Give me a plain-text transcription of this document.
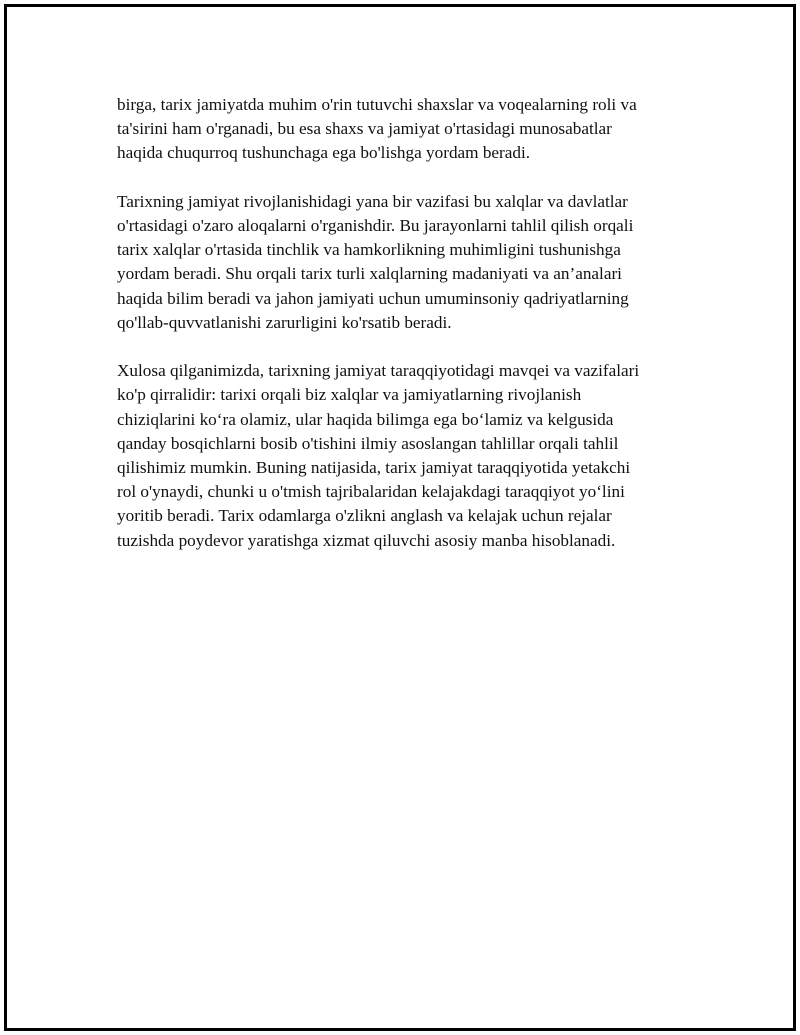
birga, tarix jamiyatda muhim o'rin tutuvchi shaxslar va voqealarning roli va
ta'sirini ham o'rganadi, bu esa shaxs va jamiyat o'rtasidagi munosabatlar
haqida chuqurroq tushunchaga ega bo'lishga yordam beradi.

Tarixning jamiyat rivojlanishidagi yana bir vazifasi bu xalqlar va davlatlar
o'rtasidagi o'zaro aloqalarni o'rganishdir. Bu jarayonlarni tahlil qilish orqali
tarix xalqlar o'rtasida tinchlik va hamkorlikning muhimligini tushunishga
yordam beradi. Shu orqali tarix turli xalqlarning madaniyati va an’analari
haqida bilim beradi va jahon jamiyati uchun umuminsoniy qadriyatlarning
qo'llab-quvvatlanishi zarurligini ko'rsatib beradi.

Xulosa qilganimizda, tarixning jamiyat taraqqiyotidagi mavqei va vazifalari
ko'p qirralidir: tarixi orqali biz xalqlar va jamiyatlarning rivojlanish
chiziqlarini ko‘ra olamiz, ular haqida bilimga ega bo‘lamiz va kelgusida
qanday bosqichlarni bosib o'tishini ilmiy asoslangan tahlillar orqali tahlil
qilishimiz mumkin. Buning natijasida, tarix jamiyat taraqqiyotida yetakchi
rol o'ynaydi, chunki u o'tmish tajribalaridan kelajakdagi taraqqiyot yo‘lini
yoritib beradi. Tarix odamlarga o'zlikni anglash va kelajak uchun rejalar
tuzishda poydevor yaratishga xizmat qiluvchi asosiy manba hisoblanadi.
